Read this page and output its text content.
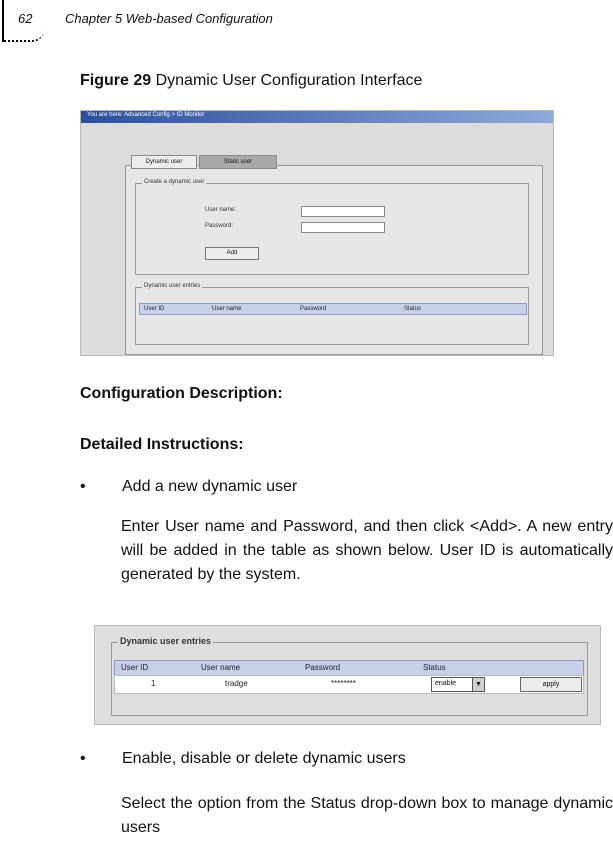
62	Chapter 5 Web-based Configuration
Figure 29 Dynamic User Configuration Interface
You are here: Advanced Config > ID Monitor
Dynamic user	Static user
Create a dynamic user
User name:
Password:
Add
Dynamic user entries
User ID	User name	Password	Status
Configuration Description:
Detailed Instructions:
• Add a new dynamic user
Enter User name and Password, and then click <Add>. A new entry will be added in the table as shown below. User ID is automatically generated by the system.
Dynamic user entries
User ID	User name	Password	Status
1	tradge	********	enable	▼	apply
• Enable, disable or delete dynamic users
Select the option from the Status drop-down box to manage dynamic users
